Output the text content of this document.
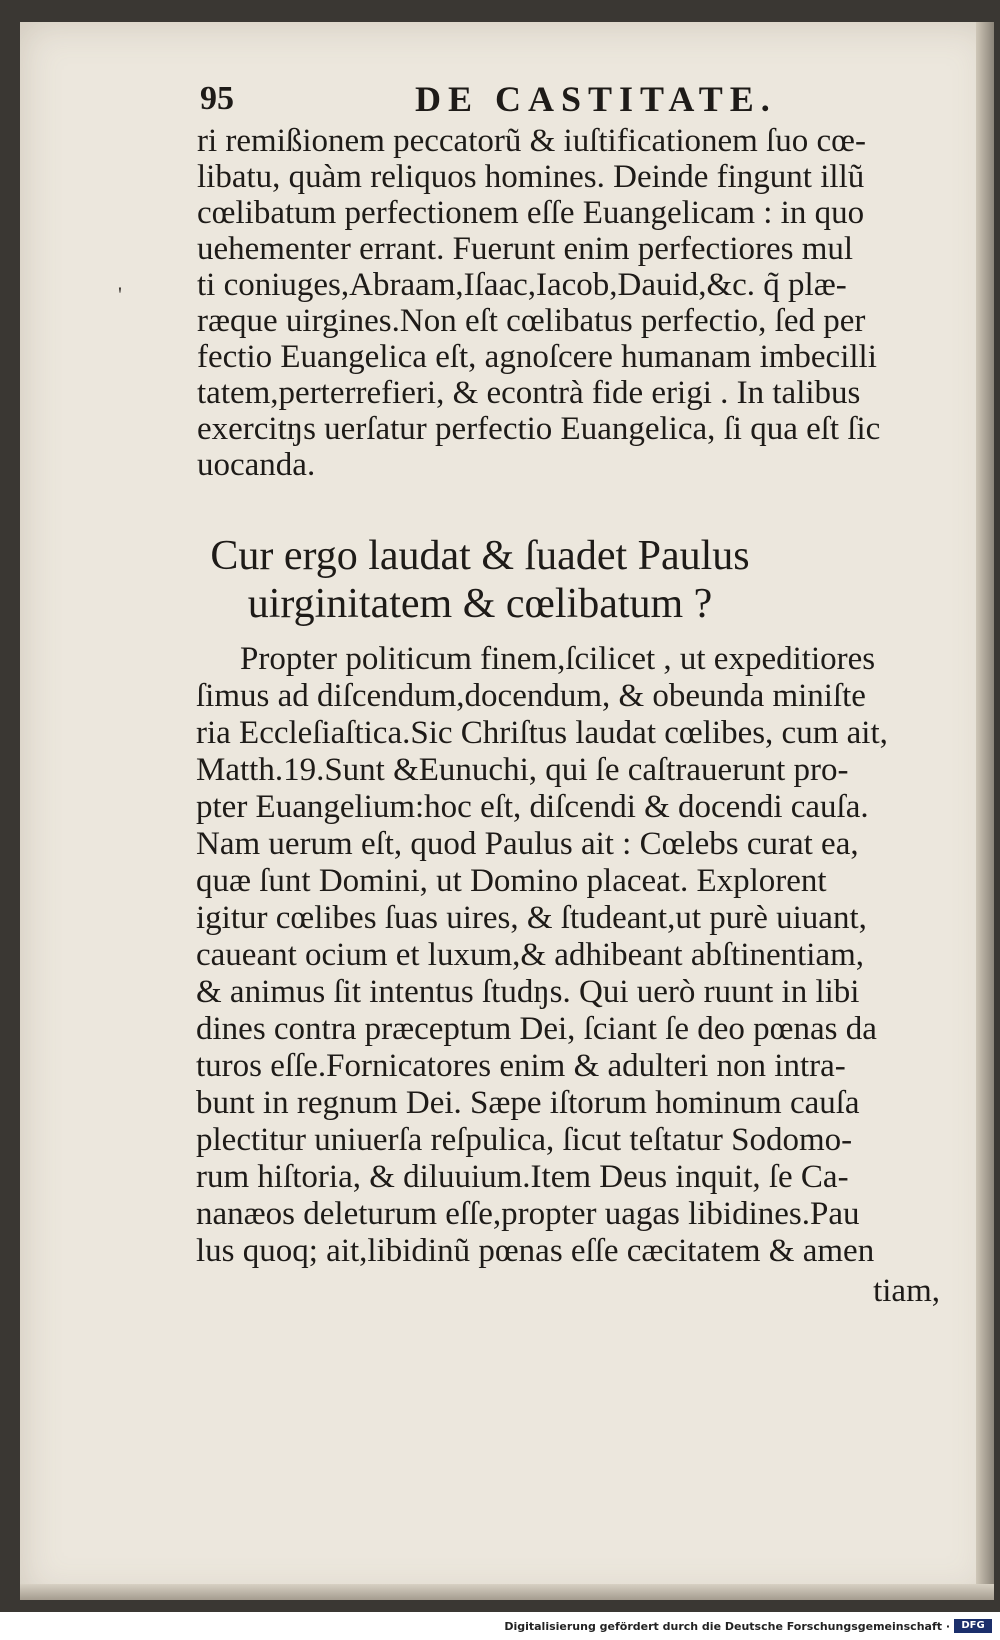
95	DE CASTITATE.
'
ri remißionem peccatorũ & iuſtificationem ſuo cœ-
libatu, quàm reliquos homines. Deinde fingunt illũ
cœlibatum perfectionem eſſe Euangelicam : in quo
uehementer errant. Fuerunt enim perfectiores mul
ti coniuges,Abraam,Iſaac,Iacob,Dauid,&c. q̃ plæ-
ræque uirgines.Non eſt cœlibatus perfectio, ſed per
fectio Euangelica eſt, agnoſcere humanam imbecilli
tatem,perterrefieri, & econtrà fide erigi . In talibus
exercitŋs uerſatur perfectio Euangelica, ſi qua eſt ſic
uocanda.
Cur ergo laudat & ſuadet Paulus
uirginitatem & cœlibatum ?
Propter politicum finem,ſcilicet , ut expeditiores
ſimus ad diſcendum,docendum, & obeunda miniſte
ria Eccleſiaſtica.Sic Chriſtus laudat cœlibes, cum ait,
Matth.19.Sunt &Eunuchi, qui ſe caſtrauerunt pro-
pter Euangelium:hoc eſt, diſcendi & docendi cauſa.
Nam uerum eſt, quod Paulus ait : Cœlebs curat ea,
quæ ſunt Domini, ut Domino placeat. Explorent
igitur cœlibes ſuas uires, & ſtudeant,ut purè uiuant,
caueant ocium et luxum,& adhibeant abſtinentiam,
& animus ſit intentus ſtudŋs. Qui uerò ruunt in libi
dines contra præceptum Dei, ſciant ſe deo pœnas da
turos eſſe.Fornicatores enim & adulteri non intra-
bunt in regnum Dei. Sæpe iſtorum hominum cauſa
plectitur uniuerſa reſpulica, ſicut teſtatur Sodomo-
rum hiſtoria, & diluuium.Item Deus inquit, ſe Ca-
nanæos deleturum eſſe,propter uagas libidines.Pau
lus quoq; ait,libidinũ pœnas eſſe cæcitatem & amen
tiam,
Digitalisierung gefördert durch die Deutsche Forschungsgemeinschaft ·	DFG
